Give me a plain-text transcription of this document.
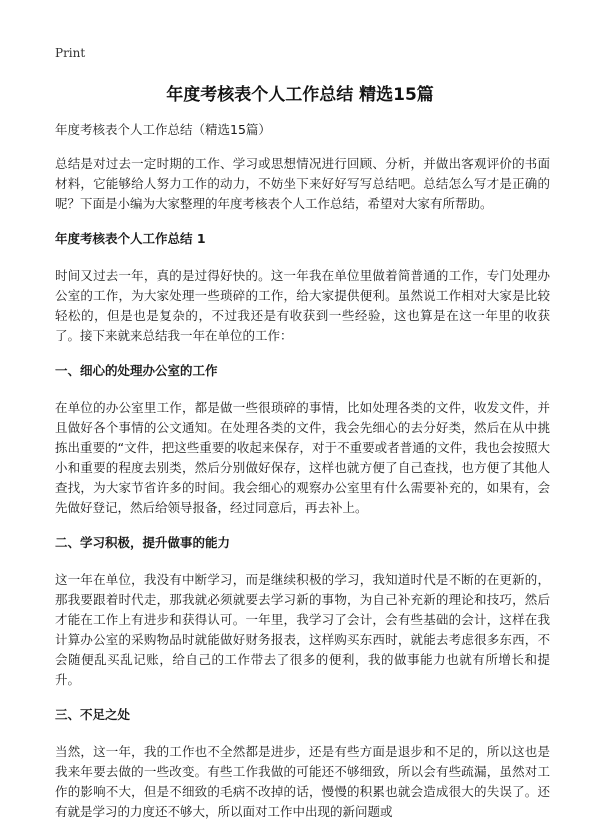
Print
年度考核表个人工作总结 精选15篇
年度考核表个人工作总结（精选15篇）

总结是对过去一定时期的工作、学习或思想情况进行回顾、分析，并做出客观评价的书面材料，它能够给人努力工作的动力，不妨坐下来好好写写总结吧。总结怎么写才是正确的呢？下面是小编为大家整理的年度考核表个人工作总结，希望对大家有所帮助。

年度考核表个人工作总结 1

时间又过去一年，真的是过得好快的。这一年我在单位里做着简普通的工作，专门处理办公室的工作，为大家处理一些琐碎的工作，给大家提供便利。虽然说工作相对大家是比较轻松的，但是也是复杂的，不过我还是有收获到一些经验，这也算是在这一年里的收获了。接下来就来总结我一年在单位的工作：

一、细心的处理办公室的工作

在单位的办公室里工作，都是做一些很琐碎的事情，比如处理各类的文件，收发文件，并且做好各个事情的公文通知。在处理各类的文件，我会先细心的去分好类，然后在从中挑拣出重要的“文件，把这些重要的收起来保存，对于不重要或者普通的文件，我也会按照大小和重要的程度去别类，然后分别做好保存，这样也就方便了自己查找，也方便了其他人查找，为大家节省许多的时间。我会细心的观察办公室里有什么需要补充的，如果有，会先做好登记，然后给领导报备，经过同意后，再去补上。

二、学习积极，提升做事的能力

这一年在单位，我没有中断学习，而是继续积极的学习，我知道时代是不断的在更新的，那我要跟着时代走，那我就必须就要去学习新的事物，为自己补充新的理论和技巧，然后才能在工作上有进步和获得认可。一年里，我学习了会计，会有些基础的会计，这样在我计算办公室的采购物品时就能做好财务报表，这样购买东西时，就能去考虑很多东西，不会随便乱买乱记账，给自己的工作带去了很多的便利，我的做事能力也就有所增长和提升。

三、不足之处

当然，这一年，我的工作也不全然都是进步，还是有些方面是退步和不足的，所以这也是我来年要去做的一些改变。有些工作我做的可能还不够细致，所以会有些疏漏，虽然对工作的影响不大，但是不细致的毛病不改掉的话，慢慢的积累也就会造成很大的失误了。还有就是学习的力度还不够大，所以面对工作中出现的新问题或
